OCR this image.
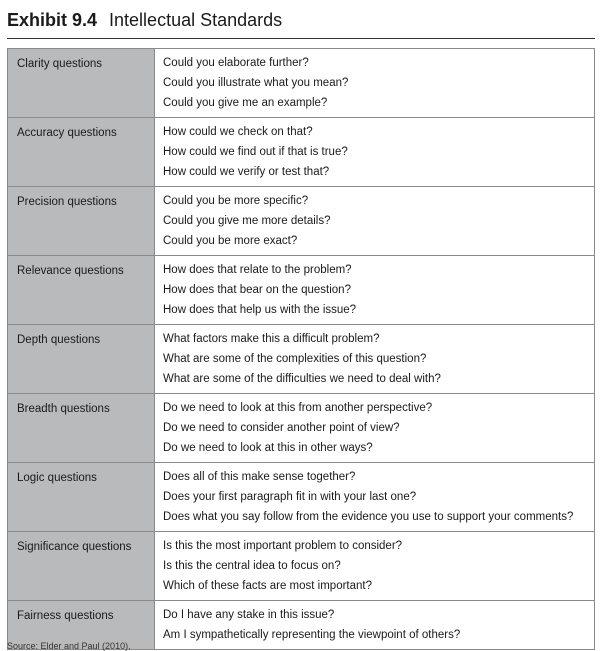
Exhibit 9.4 Intellectual Standards
Clarity questions	Could you elaborate further?
Could you illustrate what you mean?
Could you give me an example?

Accuracy questions	How could we check on that?
How could we find out if that is true?
How could we verify or test that?

Precision questions	Could you be more specific?
Could you give me more details?
Could you be more exact?

Relevance questions	How does that relate to the problem?
How does that bear on the question?
How does that help us with the issue?

Depth questions	What factors make this a difficult problem?
What are some of the complexities of this question?
What are some of the difficulties we need to deal with?

Breadth questions	Do we need to look at this from another perspective?
Do we need to consider another point of view?
Do we need to look at this in other ways?

Logic questions	Does all of this make sense together?
Does your first paragraph fit in with your last one?
Does what you say follow from the evidence you use to support your comments?

Significance questions	Is this the most important problem to consider?
Is this the central idea to focus on?
Which of these facts are most important?

Fairness questions	Do I have any stake in this issue?
Am I sympathetically representing the viewpoint of others?
Source: Elder and Paul (2010).
